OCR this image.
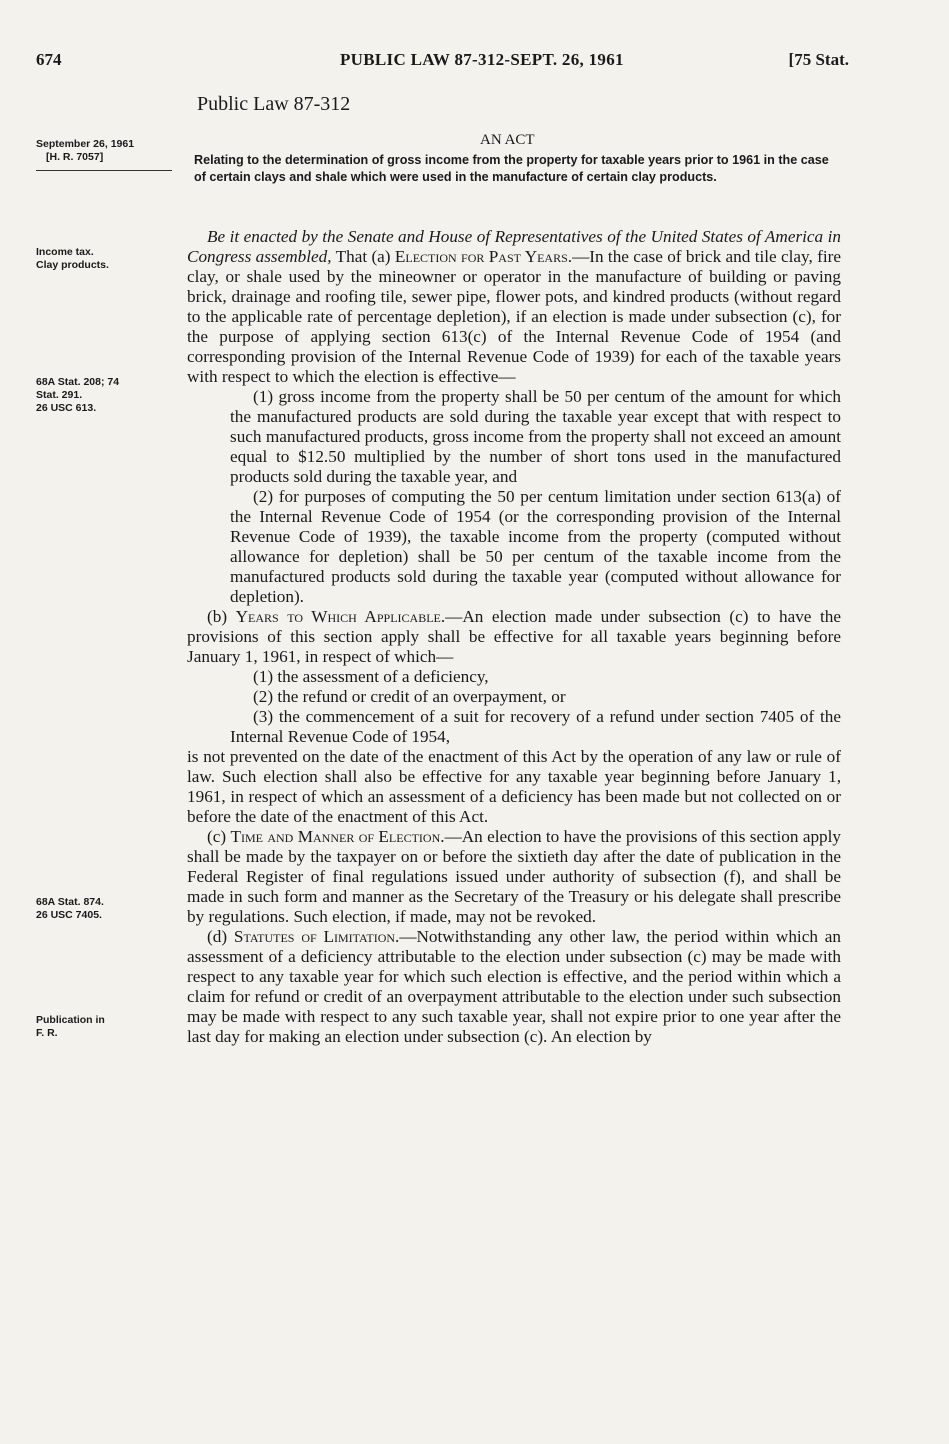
674	PUBLIC LAW 87-312-SEPT. 26, 1961	[75 Stat.
Public Law 87-312
September 26, 1961
[H. R. 7057]
AN ACT
Relating to the determination of gross income from the property for taxable years prior to 1961 in the case of certain clays and shale which were used in the manufacture of certain clay products.
Income tax.
Clay products.
68A Stat. 208; 74
Stat. 291.
26 USC 613.
68A Stat. 874.
26 USC 7405.
Publication in
F. R.

Be it enacted by the Senate and House of Representatives of the United States of America in Congress assembled, That (a) Election for Past Years.—In the case of brick and tile clay, fire clay, or shale used by the mineowner or operator in the manufacture of building or paving brick, drainage and roofing tile, sewer pipe, flower pots, and kindred products (without regard to the applicable rate of percentage depletion), if an election is made under subsection (c), for the purpose of applying section 613(c) of the Internal Revenue Code of 1954 (and corresponding provision of the Internal Revenue Code of 1939) for each of the taxable years with respect to which the election is effective—

(1) gross income from the property shall be 50 per centum of the amount for which the manufactured products are sold during the taxable year except that with respect to such manufactured products, gross income from the property shall not exceed an amount equal to $12.50 multiplied by the number of short tons used in the manufactured products sold during the taxable year, and

(2) for purposes of computing the 50 per centum limitation under section 613(a) of the Internal Revenue Code of 1954 (or the corresponding provision of the Internal Revenue Code of 1939), the taxable income from the property (computed without allowance for depletion) shall be 50 per centum of the taxable income from the manufactured products sold during the taxable year (computed without allowance for depletion).

(b) Years to Which Applicable.—An election made under subsection (c) to have the provisions of this section apply shall be effective for all taxable years beginning before January 1, 1961, in respect of which—

(1) the assessment of a deficiency,

(2) the refund or credit of an overpayment, or

(3) the commencement of a suit for recovery of a refund under section 7405 of the Internal Revenue Code of 1954,

is not prevented on the date of the enactment of this Act by the operation of any law or rule of law. Such election shall also be effective for any taxable year beginning before January 1, 1961, in respect of which an assessment of a deficiency has been made but not collected on or before the date of the enactment of this Act.

(c) Time and Manner of Election.—An election to have the provisions of this section apply shall be made by the taxpayer on or before the sixtieth day after the date of publication in the Federal Register of final regulations issued under authority of subsection (f), and shall be made in such form and manner as the Secretary of the Treasury or his delegate shall prescribe by regulations. Such election, if made, may not be revoked.

(d) Statutes of Limitation.—Notwithstanding any other law, the period within which an assessment of a deficiency attributable to the election under subsection (c) may be made with respect to any taxable year for which such election is effective, and the period within which a claim for refund or credit of an overpayment attributable to the election under such subsection may be made with respect to any such taxable year, shall not expire prior to one year after the last day for making an election under subsection (c). An election by
